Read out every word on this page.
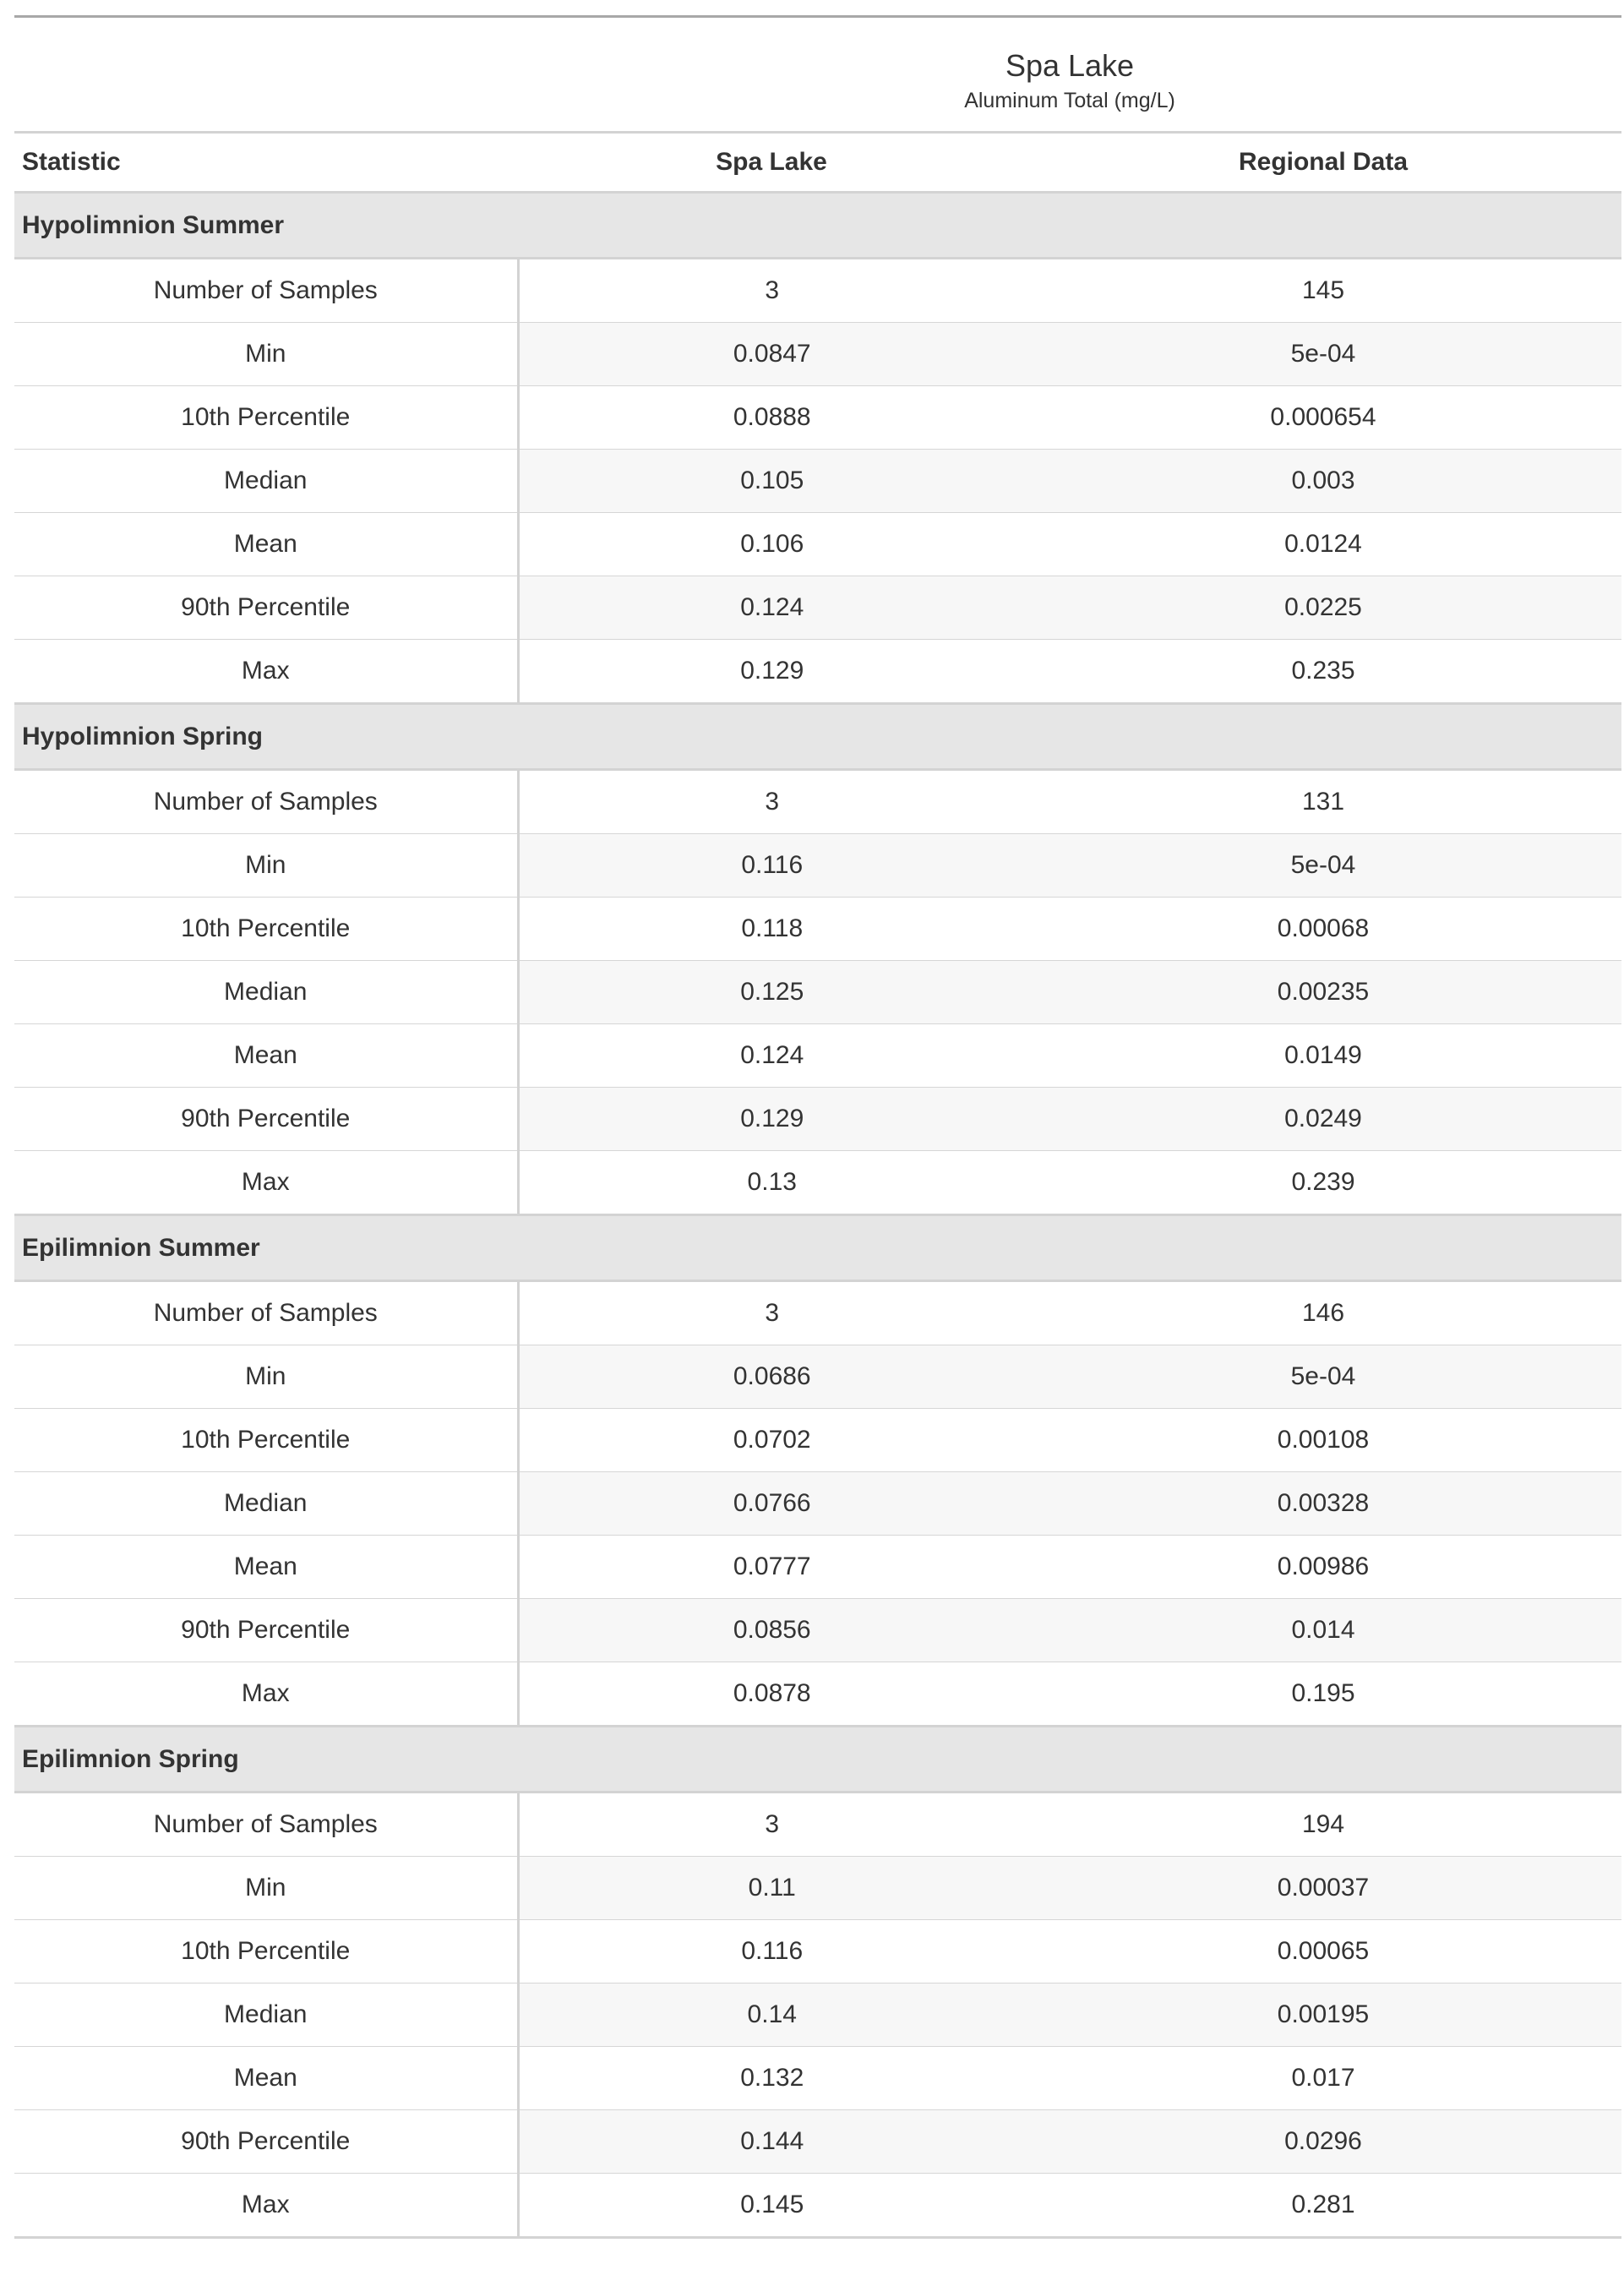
	Spa Lake	
	Aluminum Total (mg/L)	
Statistic	Spa Lake	Regional Data
Hypolimnion Summer		
Number of Samples	3	145
Min	0.0847	5e-04
10th Percentile	0.0888	0.000654
Median	0.105	0.003
Mean	0.106	0.0124
90th Percentile	0.124	0.0225
Max	0.129	0.235
Hypolimnion Spring		
Number of Samples	3	131
Min	0.116	5e-04
10th Percentile	0.118	0.00068
Median	0.125	0.00235
Mean	0.124	0.0149
90th Percentile	0.129	0.0249
Max	0.13	0.239
Epilimnion Summer		
Number of Samples	3	146
Min	0.0686	5e-04
10th Percentile	0.0702	0.00108
Median	0.0766	0.00328
Mean	0.0777	0.00986
90th Percentile	0.0856	0.014
Max	0.0878	0.195
Epilimnion Spring		
Number of Samples	3	194
Min	0.11	0.00037
10th Percentile	0.116	0.00065
Median	0.14	0.00195
Mean	0.132	0.017
90th Percentile	0.144	0.0296
Max	0.145	0.281
